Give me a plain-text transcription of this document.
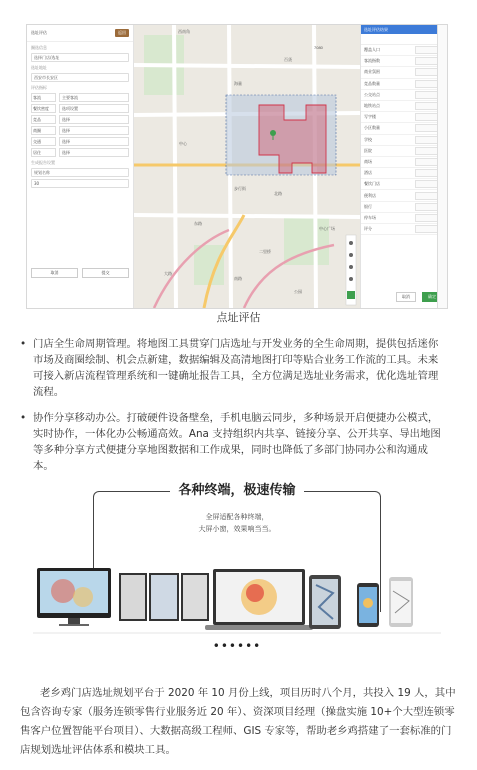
选址评估	返回
圈选信息
选择门店/选址
选址地址
西安市长安区
评估指标
客流	主要客流
餐饮密度	选项设置
竞品	选择
商圈	选择
交通	选择
居住	选择
生成报告设置
规划名称
30
取消	提交
西南角
7080
百货
海量
中心
步行街
东路
北路
中心广场
二里桥
大路
南路
公园
选址评估结果
覆盖人口
客流指数
商业氛围
竞品数量
公交站点
地铁站点
写字楼
小区数量
学校
医院
商场
酒店
餐饮门店
便利店
银行
停车场
评分
取消	确定
点址评估
• 门店全生命周期管理。将地图工具贯穿门店选址与开发业务的全生命周期，提供包括迷你市场及商圈绘制、机会点新建，数据编辑及高清地图打印等贴合业务工作流的工具。未来可接入新店流程管理系统和一键确址报告工具，全方位满足选址业务需求，优化选址管理流程。
• 协作分享移动办公。打破硬件设备壁垒，手机电脑云同步，多种场景开启便捷办公模式，实时协作，一体化办公畅通高效。Ana 支持组织内共享、链接分享、公开共享、导出地图等多种分享方式便捷分享地图数据和工作成果，同时也降低了多部门协同办公和沟通成本。
各种终端，极速传输
全屏适配各种终端，
大屏小窗，效果响当当。
••••••
老乡鸡门店选址规划平台于 2020 年 10 月份上线，项目历时八个月，共投入 19 人，其中包含咨询专家（服务连锁零售行业服务近 20 年）、资深项目经理（操盘实施 10+个大型连锁零售客户位置智能平台项目）、大数据高级工程师、GIS 专家等，帮助老乡鸡搭建了一套标准的门店规划选址评估体系和模块工具。
